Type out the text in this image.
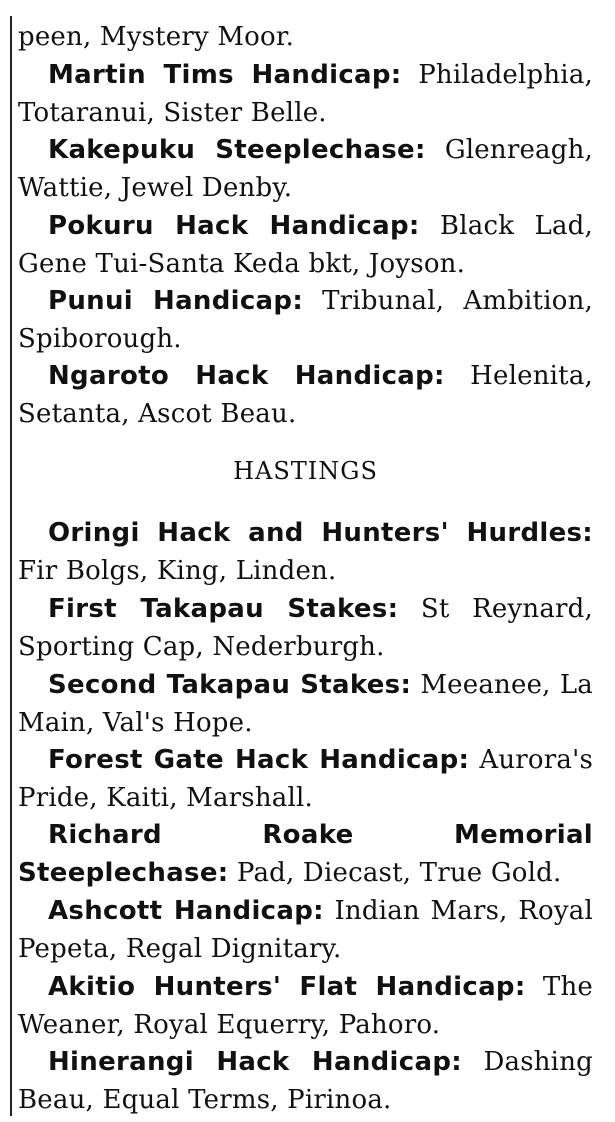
peen, Mystery Moor.
Martin Tims Handicap: Philadelphia, Totaranui, Sister Belle.
Kakepuku Steeplechase: Glenreagh, Wattie, Jewel Denby.
Pokuru Hack Handicap: Black Lad, Gene Tui-Santa Keda bkt, Joyson.
Punui Handicap: Tribunal, Ambition, Spiborough.
Ngaroto Hack Handicap: Helenita, Setanta, Ascot Beau.
HASTINGS
Oringi Hack and Hunters' Hurdles: Fir Bolgs, King, Linden.
First Takapau Stakes: St Reynard, Sporting Cap, Nederburgh.
Second Takapau Stakes: Meeanee, La Main, Val's Hope.
Forest Gate Hack Handicap: Aurora's Pride, Kaiti, Marshall.
Richard Roake Memorial Steeplechase: Pad, Diecast, True Gold.
Ashcott Handicap: Indian Mars, Royal Pepeta, Regal Dignitary.
Akitio Hunters' Flat Handicap: The Weaner, Royal Equerry, Pahoro.
Hinerangi Hack Handicap: Dashing Beau, Equal Terms, Pirinoa.
